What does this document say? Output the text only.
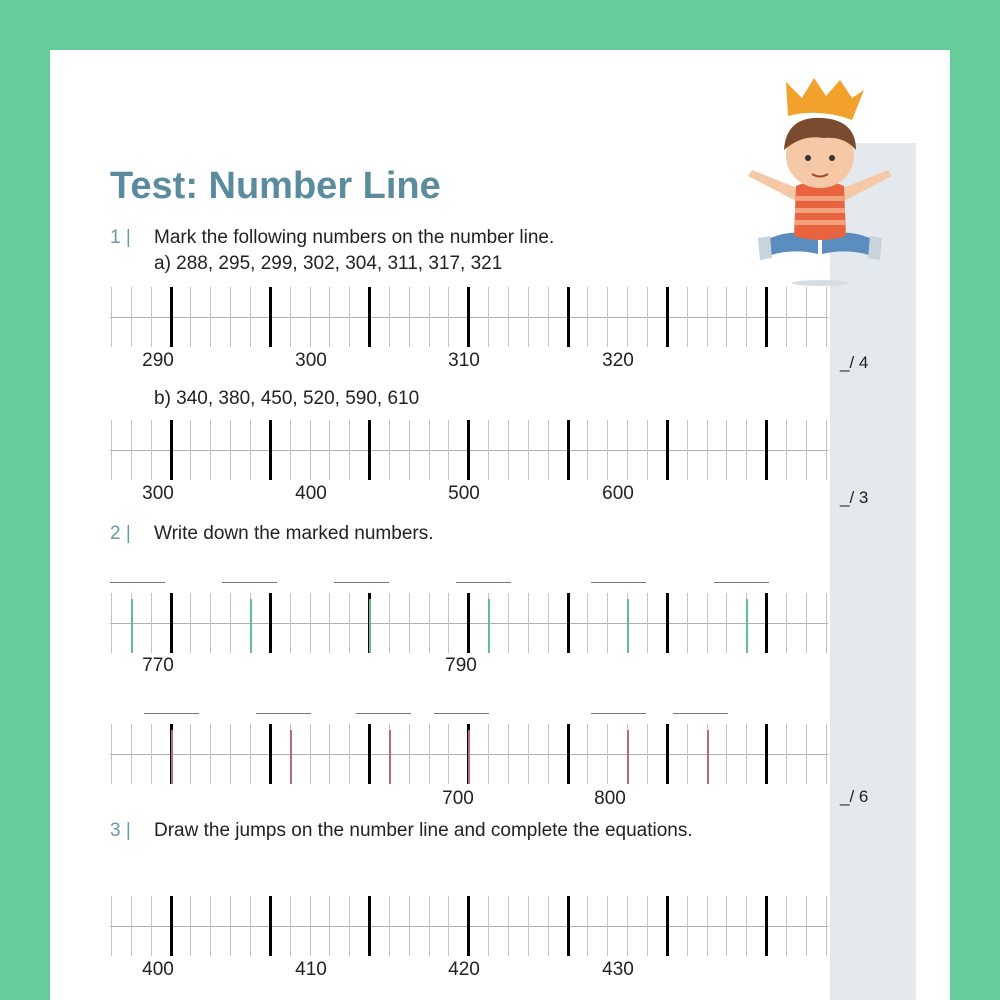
Test: Number Line
1 | Mark the following numbers on the number line.
a) 288, 295, 299, 302, 304, 311, 317, 321
290	300	310	320	_/ 4
b) 340, 380, 450, 520, 590, 610
300	400	500	600	_/ 3
2 | Write down the marked numbers.
770	790
700	800	_/ 6
3 | Draw the jumps on the number line and complete the equations.
400	410	420	430
